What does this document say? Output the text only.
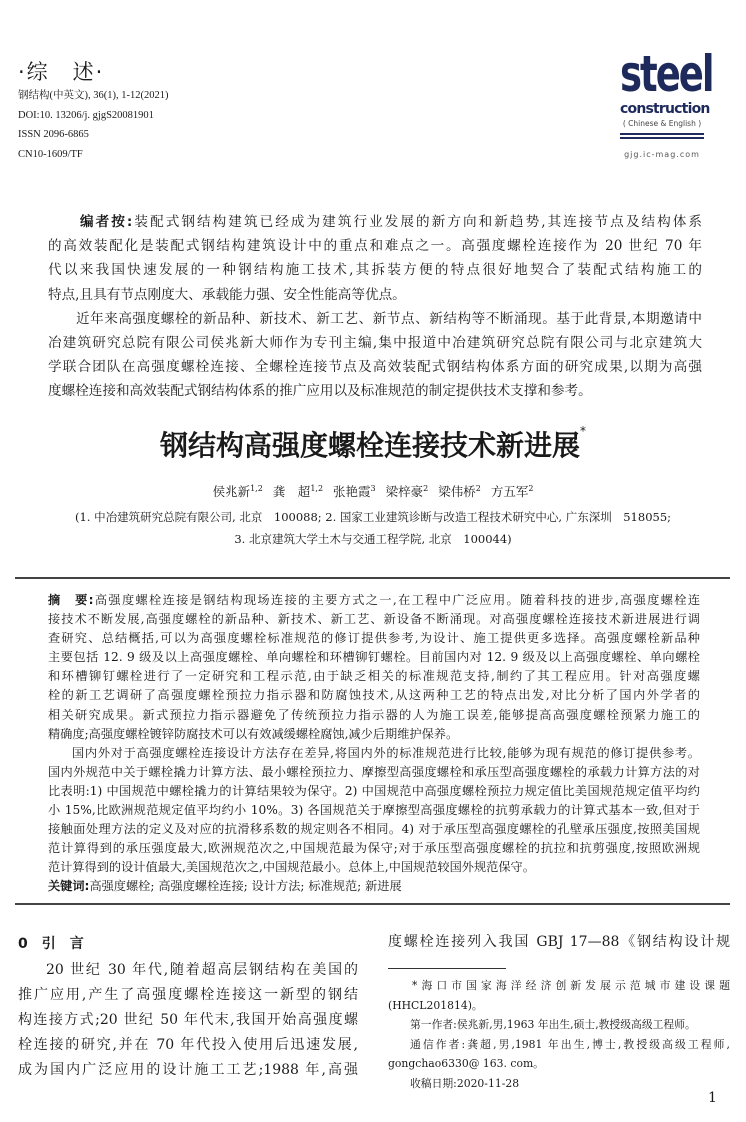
·综　述·
钢结构(中英文), 36(1), 1-12(2021)
DOI:10. 13206/j. gjgS20081901
ISSN 2096-6865
CN10-1609/TF
steel
construction
( Chinese & English )
gjg.ic-mag.com
编者按:装配式钢结构建筑已经成为建筑行业发展的新方向和新趋势,其连接节点及结构体系
的高效装配化是装配式钢结构建筑设计中的重点和难点之一。高强度螺栓连接作为 20 世纪 70 年
代以来我国快速发展的一种钢结构施工技术,其拆装方便的特点很好地契合了装配式结构施工的
特点,且具有节点刚度大、承载能力强、安全性能高等优点。
近年来高强度螺栓的新品种、新技术、新工艺、新节点、新结构等不断涌现。基于此背景,本期邀请中
冶建筑研究总院有限公司侯兆新大师作为专刊主编,集中报道中冶建筑研究总院有限公司与北京建筑大
学联合团队在高强度螺栓连接、全螺栓连接节点及高效装配式钢结构体系方面的研究成果,以期为高强
度螺栓连接和高效装配式钢结构体系的推广应用以及标准规范的制定提供技术支撑和参考。
钢结构高强度螺栓连接技术新进展*
侯兆新$^{1,2}$ 龚　超$^{1,2}$ 张艳霞$^3$ 梁梓豪$^2$ 梁伟桥$^2$ 方五军$^2$
(1. 中冶建筑研究总院有限公司, 北京　100088; 2. 国家工业建筑诊断与改造工程技术研究中心, 广东深圳　518055;
3. 北京建筑大学土木与交通工程学院, 北京　100044)
摘　要:高强度螺栓连接是钢结构现场连接的主要方式之一,在工程中广泛应用。随着科技的进步,高强度螺栓连
接技术不断发展,高强度螺栓的新品种、新技术、新工艺、新设备不断涌现。对高强度螺栓连接技术新进展进行调
查研究、总结概括,可以为高强度螺栓标准规范的修订提供参考,为设计、施工提供更多选择。高强度螺栓新品种
主要包括 12. 9 级及以上高强度螺栓、单向螺栓和环槽铆钉螺栓。目前国内对 12. 9 级及以上高强度螺栓、单向螺栓
和环槽铆钉螺栓进行了一定研究和工程示范,由于缺乏相关的标准规范支持,制约了其工程应用。针对高强度螺
栓的新工艺调研了高强度螺栓预拉力指示器和防腐蚀技术,从这两种工艺的特点出发,对比分析了国内外学者的
相关研究成果。新式预拉力指示器避免了传统预拉力指示器的人为施工误差,能够提高高强度螺栓预紧力施工的
精确度;高强度螺栓镀锌防腐技术可以有效减缓螺栓腐蚀,减少后期维护保养。
国内外对于高强度螺栓连接设计方法存在差异,将国内外的标准规范进行比较,能够为现有规范的修订提供参考。
国内外规范中关于螺栓撬力计算方法、最小螺栓预拉力、摩擦型高强度螺栓和承压型高强度螺栓的承载力计算方法的对
比表明:1) 中国规范中螺栓撬力的计算结果较为保守。2) 中国规范中高强度螺栓预拉力规定值比美国规范规定值平均约
小 15%,比欧洲规范规定值平均约小 10%。3) 各国规范关于摩擦型高强度螺栓的抗剪承载力的计算式基本一致,但对于
接触面处理方法的定义及对应的抗滑移系数的规定则各不相同。4) 对于承压型高强度螺栓的孔壁承压强度,按照美国规
范计算得到的承压强度最大,欧洲规范次之,中国规范最为保守;对于承压型高强度螺栓的抗拉和抗剪强度,按照欧洲规
范计算得到的设计值最大,美国规范次之,中国规范最小。总体上,中国规范较国外规范保守。
关键词:高强度螺栓; 高强度螺栓连接; 设计方法; 标准规范; 新进展
0　引　言
20 世纪 30 年代,随着超高层钢结构在美国的
推广应用,产生了高强度螺栓连接这一新型的钢结
构连接方式;20 世纪 50 年代末,我国开始高强度螺
栓连接的研究,并在 70 年代投入使用后迅速发展,
成为国内广泛应用的设计施工工艺;1988 年,高强
度螺栓连接列入我国 GBJ 17—88《钢结构设计规
*海口市国家海洋经济创新发展示范城市建设课题
(HHCL201814)。
第一作者:侯兆新,男,1963 年出生,硕士,教授级高级工程师。
通信作者:龚超,男,1981 年出生,博士,教授级高级工程师,
gongchao6330@ 163. com。
收稿日期:2020-11-28
1
